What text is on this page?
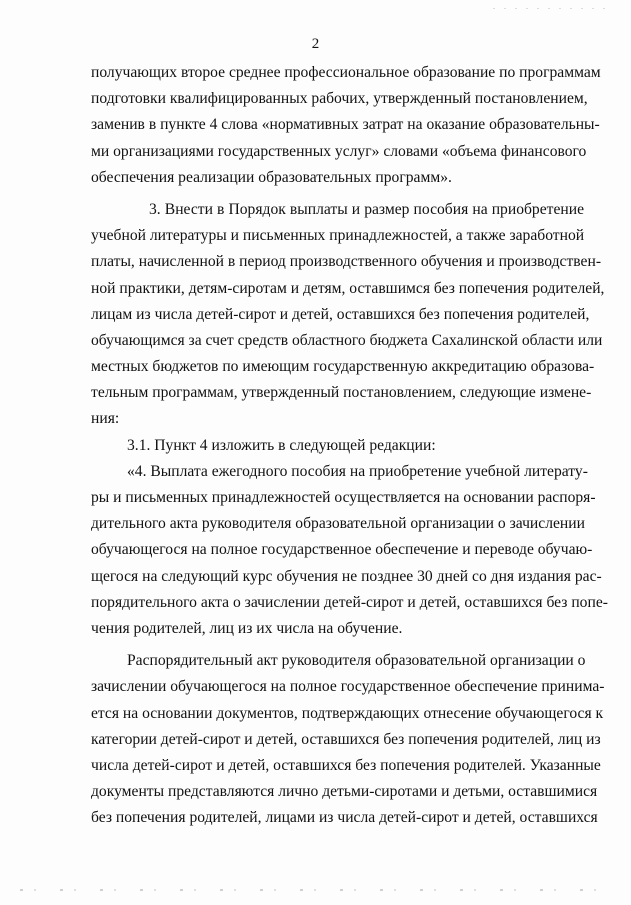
2
получающих второе среднее профессиональное образование по программам
подготовки квалифицированных рабочих, утвержденный постановлением,
заменив в пункте 4 слова «нормативных затрат на оказание образовательны-
ми организациями государственных услуг» словами «объема финансового
обеспечения реализации образовательных программ».
3. Внести в Порядок выплаты и размер пособия на приобретение
учебной литературы и письменных принадлежностей, а также заработной
платы, начисленной в период производственного обучения и производствен-
ной практики, детям-сиротам и детям, оставшимся без попечения родителей,
лицам из числа детей-сирот и детей, оставшихся без попечения родителей,
обучающимся за счет средств областного бюджета Сахалинской области или
местных бюджетов по имеющим государственную аккредитацию образова-
тельным программам, утвержденный постановлением, следующие измене-
ния:
3.1. Пункт 4 изложить в следующей редакции:
«4. Выплата ежегодного пособия на приобретение учебной литерату-
ры и письменных принадлежностей осуществляется на основании распоря-
дительного акта руководителя образовательной организации о зачислении
обучающегося на полное государственное обеспечение и переводе обучаю-
щегося на следующий курс обучения не позднее 30 дней со дня издания рас-
порядительного акта о зачислении детей-сирот и детей, оставшихся без попе-
чения родителей, лиц из их числа на обучение.
Распорядительный акт руководителя образовательной организации о
зачислении обучающегося на полное государственное обеспечение принима-
ется на основании документов, подтверждающих отнесение обучающегося к
категории детей-сирот и детей, оставшихся без попечения родителей, лиц из
числа детей-сирот и детей, оставшихся без попечения родителей. Указанные
документы представляются лично детьми-сиротами и детьми, оставшимися
без попечения родителей, лицами из числа детей-сирот и детей, оставшихся
